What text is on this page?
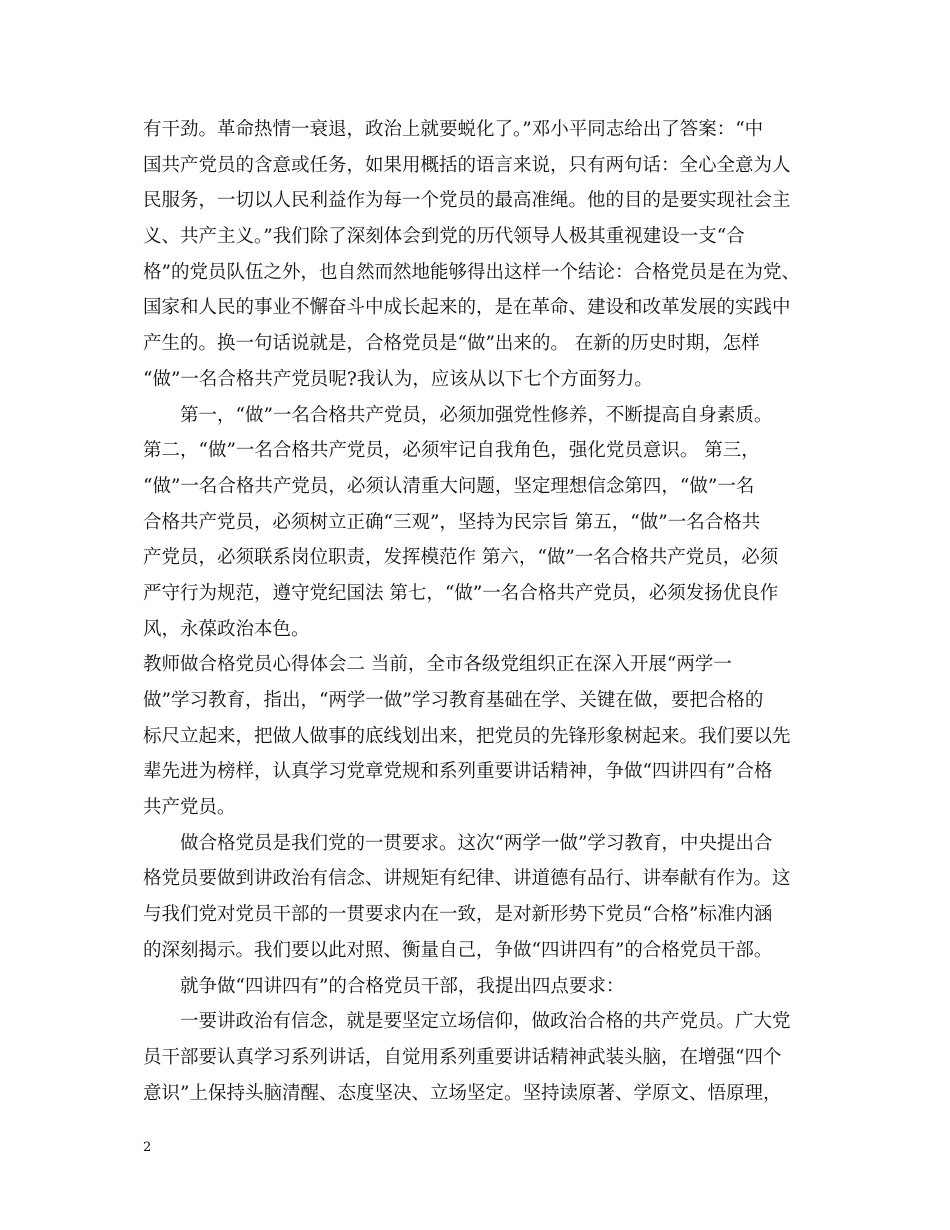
有干劲。革命热情一衰退，政治上就要蜕化了。”邓小平同志给出了答案：“中
国共产党员的含意或任务，如果用概括的语言来说，只有两句话：全心全意为人
民服务，一切以人民利益作为每一个党员的最高准绳。他的目的是要实现社会主
义、共产主义。”我们除了深刻体会到党的历代领导人极其重视建设一支“合
格”的党员队伍之外，也自然而然地能够得出这样一个结论：合格党员是在为党、
国家和人民的事业不懈奋斗中成长起来的，是在革命、建设和改革发展的实践中
产生的。换一句话说就是，合格党员是“做”出来的。 在新的历史时期，怎样
“做”一名合格共产党员呢?我认为，应该从以下七个方面努力。
　　第一，“做”一名合格共产党员，必须加强党性修养，不断提高自身素质。
第二，“做”一名合格共产党员，必须牢记自我角色，强化党员意识。 第三，
“做”一名合格共产党员，必须认清重大问题，坚定理想信念第四，“做”一名
合格共产党员，必须树立正确“三观”，坚持为民宗旨 第五，“做”一名合格共
产党员，必须联系岗位职责，发挥模范作 第六，“做”一名合格共产党员，必须
严守行为规范，遵守党纪国法 第七，“做”一名合格共产党员，必须发扬优良作
风，永葆政治本色。
教师做合格党员心得体会二 当前，全市各级党组织正在深入开展“两学一
做”学习教育，指出，“两学一做”学习教育基础在学、关键在做，要把合格的
标尺立起来，把做人做事的底线划出来，把党员的先锋形象树起来。我们要以先
辈先进为榜样，认真学习党章党规和系列重要讲话精神，争做“四讲四有”合格
共产党员。
　　做合格党员是我们党的一贯要求。这次“两学一做”学习教育，中央提出合
格党员要做到讲政治有信念、讲规矩有纪律、讲道德有品行、讲奉献有作为。这
与我们党对党员干部的一贯要求内在一致，是对新形势下党员“合格”标准内涵
的深刻揭示。我们要以此对照、衡量自己，争做“四讲四有”的合格党员干部。
　　就争做“四讲四有”的合格党员干部，我提出四点要求：
　　一要讲政治有信念，就是要坚定立场信仰，做政治合格的共产党员。广大党
员干部要认真学习系列讲话，自觉用系列重要讲话精神武装头脑，在增强“四个
意识”上保持头脑清醒、态度坚决、立场坚定。坚持读原著、学原文、悟原理，
2
